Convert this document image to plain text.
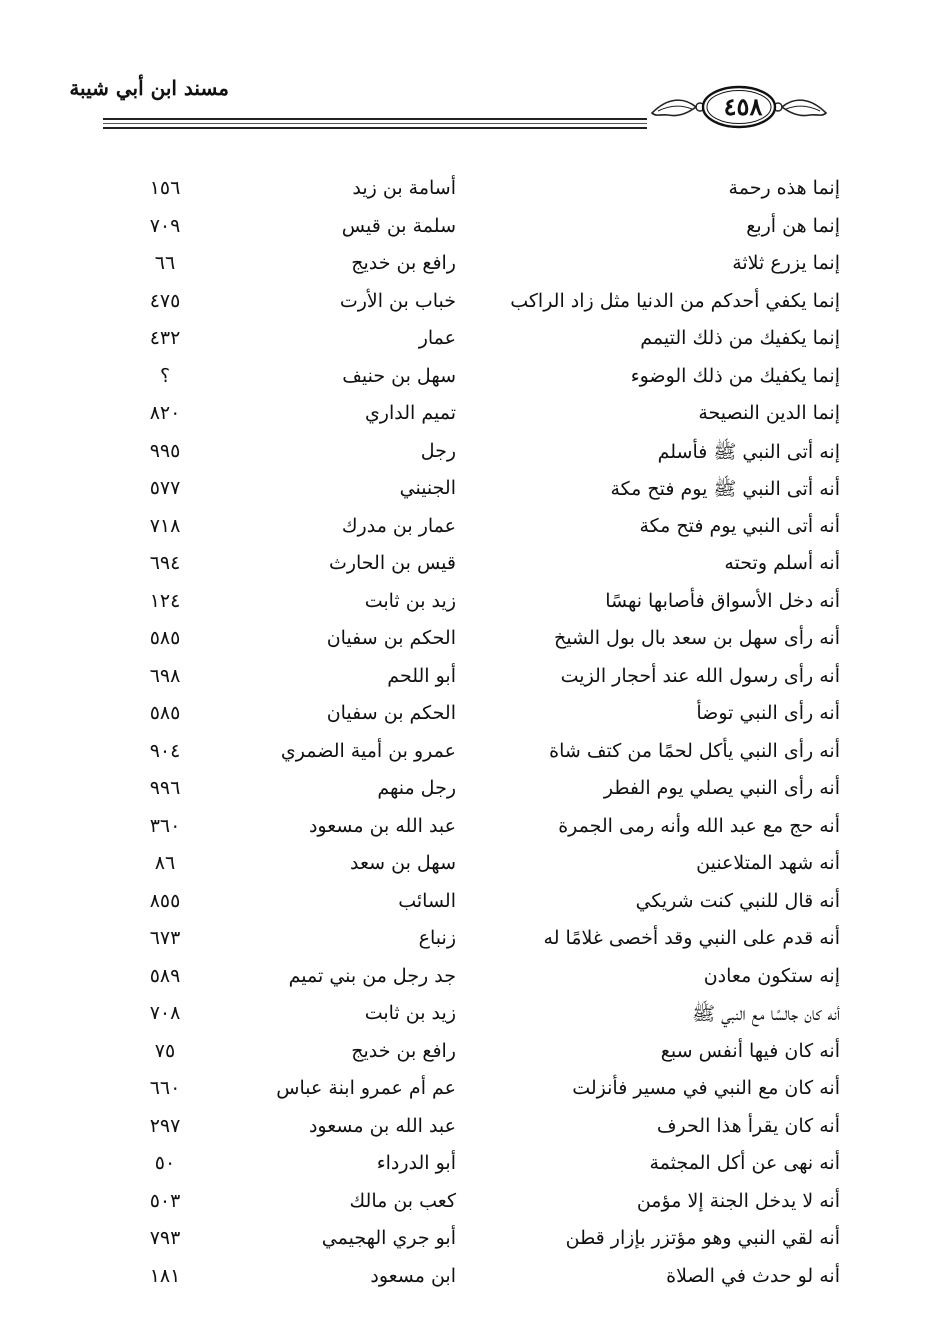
مسند ابن أبي شيبة
٤٥٨
إنما هذه رحمة
أسامة بن زيد
١٥٦
إنما هن أربع
سلمة بن قيس
٧٠٩
إنما يزرع ثلاثة
رافع بن خديج
٦٦
إنما يكفي أحدكم من الدنيا مثل زاد الراكب
خباب بن الأرت
٤٧٥
إنما يكفيك من ذلك التيمم
عمار
٤٣٢
إنما يكفيك من ذلك الوضوء
سهل بن حنيف
؟
إنما الدين النصيحة
تميم الداري
٨٢٠
إنه أتى النبي ﷺ فأسلم
رجل
٩٩٥
أنه أتى النبي ﷺ يوم فتح مكة
الجنيني
٥٧٧
أنه أتى النبي يوم فتح مكة
عمار بن مدرك
٧١٨
أنه أسلم وتحته
قيس بن الحارث
٦٩٤
أنه دخل الأسواق فأصابها نهسًا
زيد بن ثابت
١٢٤
أنه رأى سهل بن سعد بال بول الشيخ
الحكم بن سفيان
٥٨٥
أنه رأى رسول الله عند أحجار الزيت
أبو اللحم
٦٩٨
أنه رأى النبي توضأ
الحكم بن سفيان
٥٨٥
أنه رأى النبي يأكل لحمًا من كتف شاة
عمرو بن أمية الضمري
٩٠٤
أنه رأى النبي يصلي يوم الفطر
رجل منهم
٩٩٦
أنه حج مع عبد الله وأنه رمى الجمرة
عبد الله بن مسعود
٣٦٠
أنه شهد المتلاعنين
سهل بن سعد
٨٦
أنه قال للنبي كنت شريكي
السائب
٨٥٥
أنه قدم على النبي وقد أخصى غلامًا له
زنباع
٦٧٣
إنه ستكون معادن
جد رجل من بني تميم
٥٨٩
أنه كان جالسًا مع النبي ﷺ
زيد بن ثابت
٧٠٨
أنه كان فيها أنفس سبع
رافع بن خديج
٧٥
أنه كان مع النبي في مسير فأنزلت
عم أم عمرو ابنة عباس
٦٦٠
أنه كان يقرأ هذا الحرف
عبد الله بن مسعود
٢٩٧
أنه نهى عن أكل المجثمة
أبو الدرداء
٥٠
أنه لا يدخل الجنة إلا مؤمن
كعب بن مالك
٥٠٣
أنه لقي النبي وهو مؤتزر بإزار قطن
أبو جري الهجيمي
٧٩٣
أنه لو حدث في الصلاة
ابن مسعود
١٨١
